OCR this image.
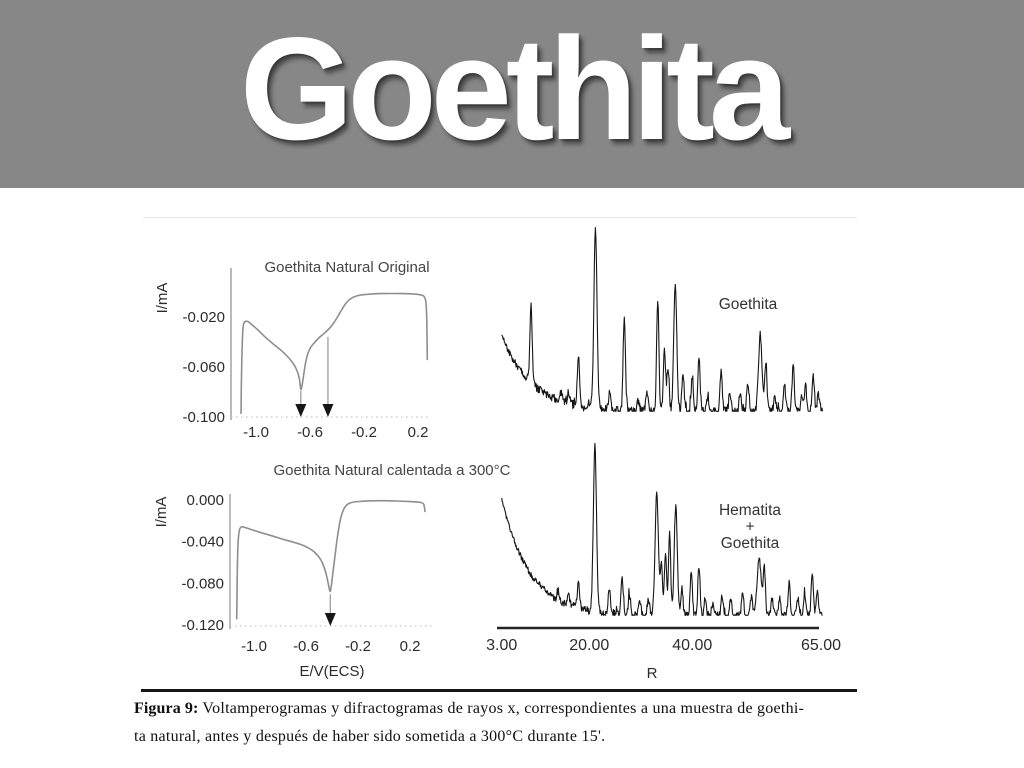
Goethita
Goethita Natural Original
I/mA
-0.020
-0.060
-0.100
-1.0 -0.6 -0.2 0.2
Goethita Natural calentada a 300°C
I/mA 0.000
-0.040
-0.080
-0.120
-1.0 -0.6 -0.2 0.2
E/V(ECS)
Goethita
Hematita
+
Goethita
3.00	20.00	40.00	65.00
R

Figura 9: Voltamperogramas y difractogramas de rayos x, correspondientes a una muestra de goethi-

ta natural, antes y después de haber sido sometida a 300°C durante 15'.
